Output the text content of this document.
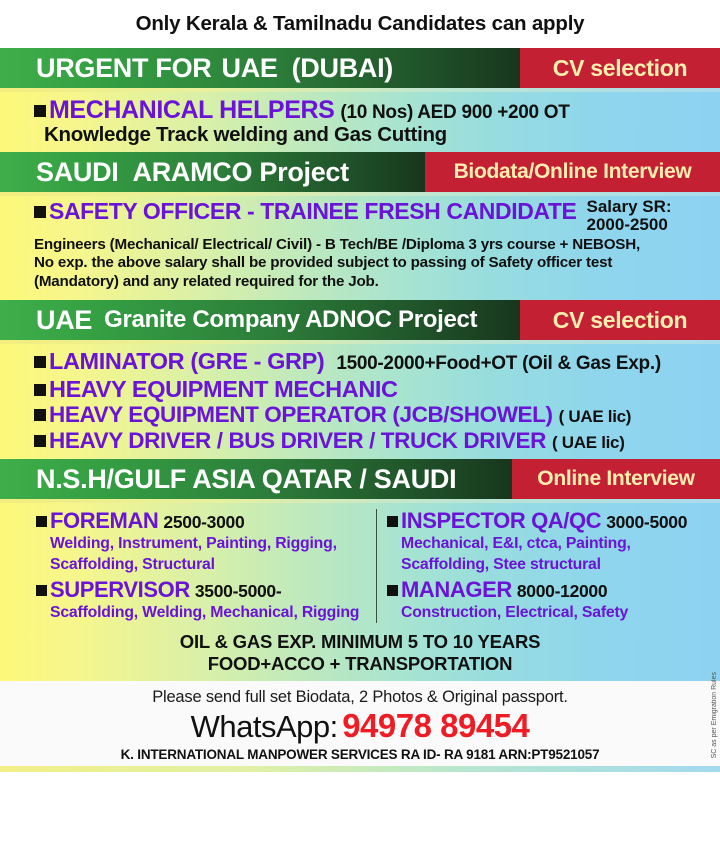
Only Kerala & Tamilnadu Candidates can apply
URGENT FOR UAE (DUBAI)	CV selection
MECHANICAL HELPERS (10 Nos) AED 900 +200 OT
Knowledge Track welding and Gas Cutting
SAUDI ARAMCO Project	Biodata/Online Interview
SAFETY OFFICER - TRAINEE FRESH CANDIDATE Salary SR:
2000-2500
Engineers (Mechanical/ Electrical/ Civil) - B Tech/BE /Diploma 3 yrs course + NEBOSH,
No exp. the above salary shall be provided subject to passing of Safety officer test
(Mandatory) and any related required for the Job.
UAE Granite Company ADNOC Project	CV selection
LAMINATOR (GRE - GRP) 1500-2000+Food+OT (Oil & Gas Exp.)
HEAVY EQUIPMENT MECHANIC
HEAVY EQUIPMENT OPERATOR (JCB/SHOWEL) ( UAE lic)
HEAVY DRIVER / BUS DRIVER / TRUCK DRIVER ( UAE lic)
N.S.H/GULF ASIA QATAR / SAUDI	Online Interview
FOREMAN 2500-3000
Welding, Instrument, Painting, Rigging,
Scaffolding, Structural
SUPERVISOR 3500-5000-
Scaffolding, Welding, Mechanical, Rigging
INSPECTOR QA/QC 3000-5000
Mechanical, E&I, ctca, Painting,
Scaffolding, Stee structural
MANAGER 8000-12000
Construction, Electrical, Safety
OIL & GAS EXP. MINIMUM 5 TO 10 YEARS
FOOD+ACCO + TRANSPORTATION
Please send full set Biodata, 2 Photos & Original passport.
WhatsApp: 94978 89454
K. INTERNATIONAL MANPOWER SERVICES RA ID- RA 9181 ARN:PT9521057	SC as per Emigration Rules
